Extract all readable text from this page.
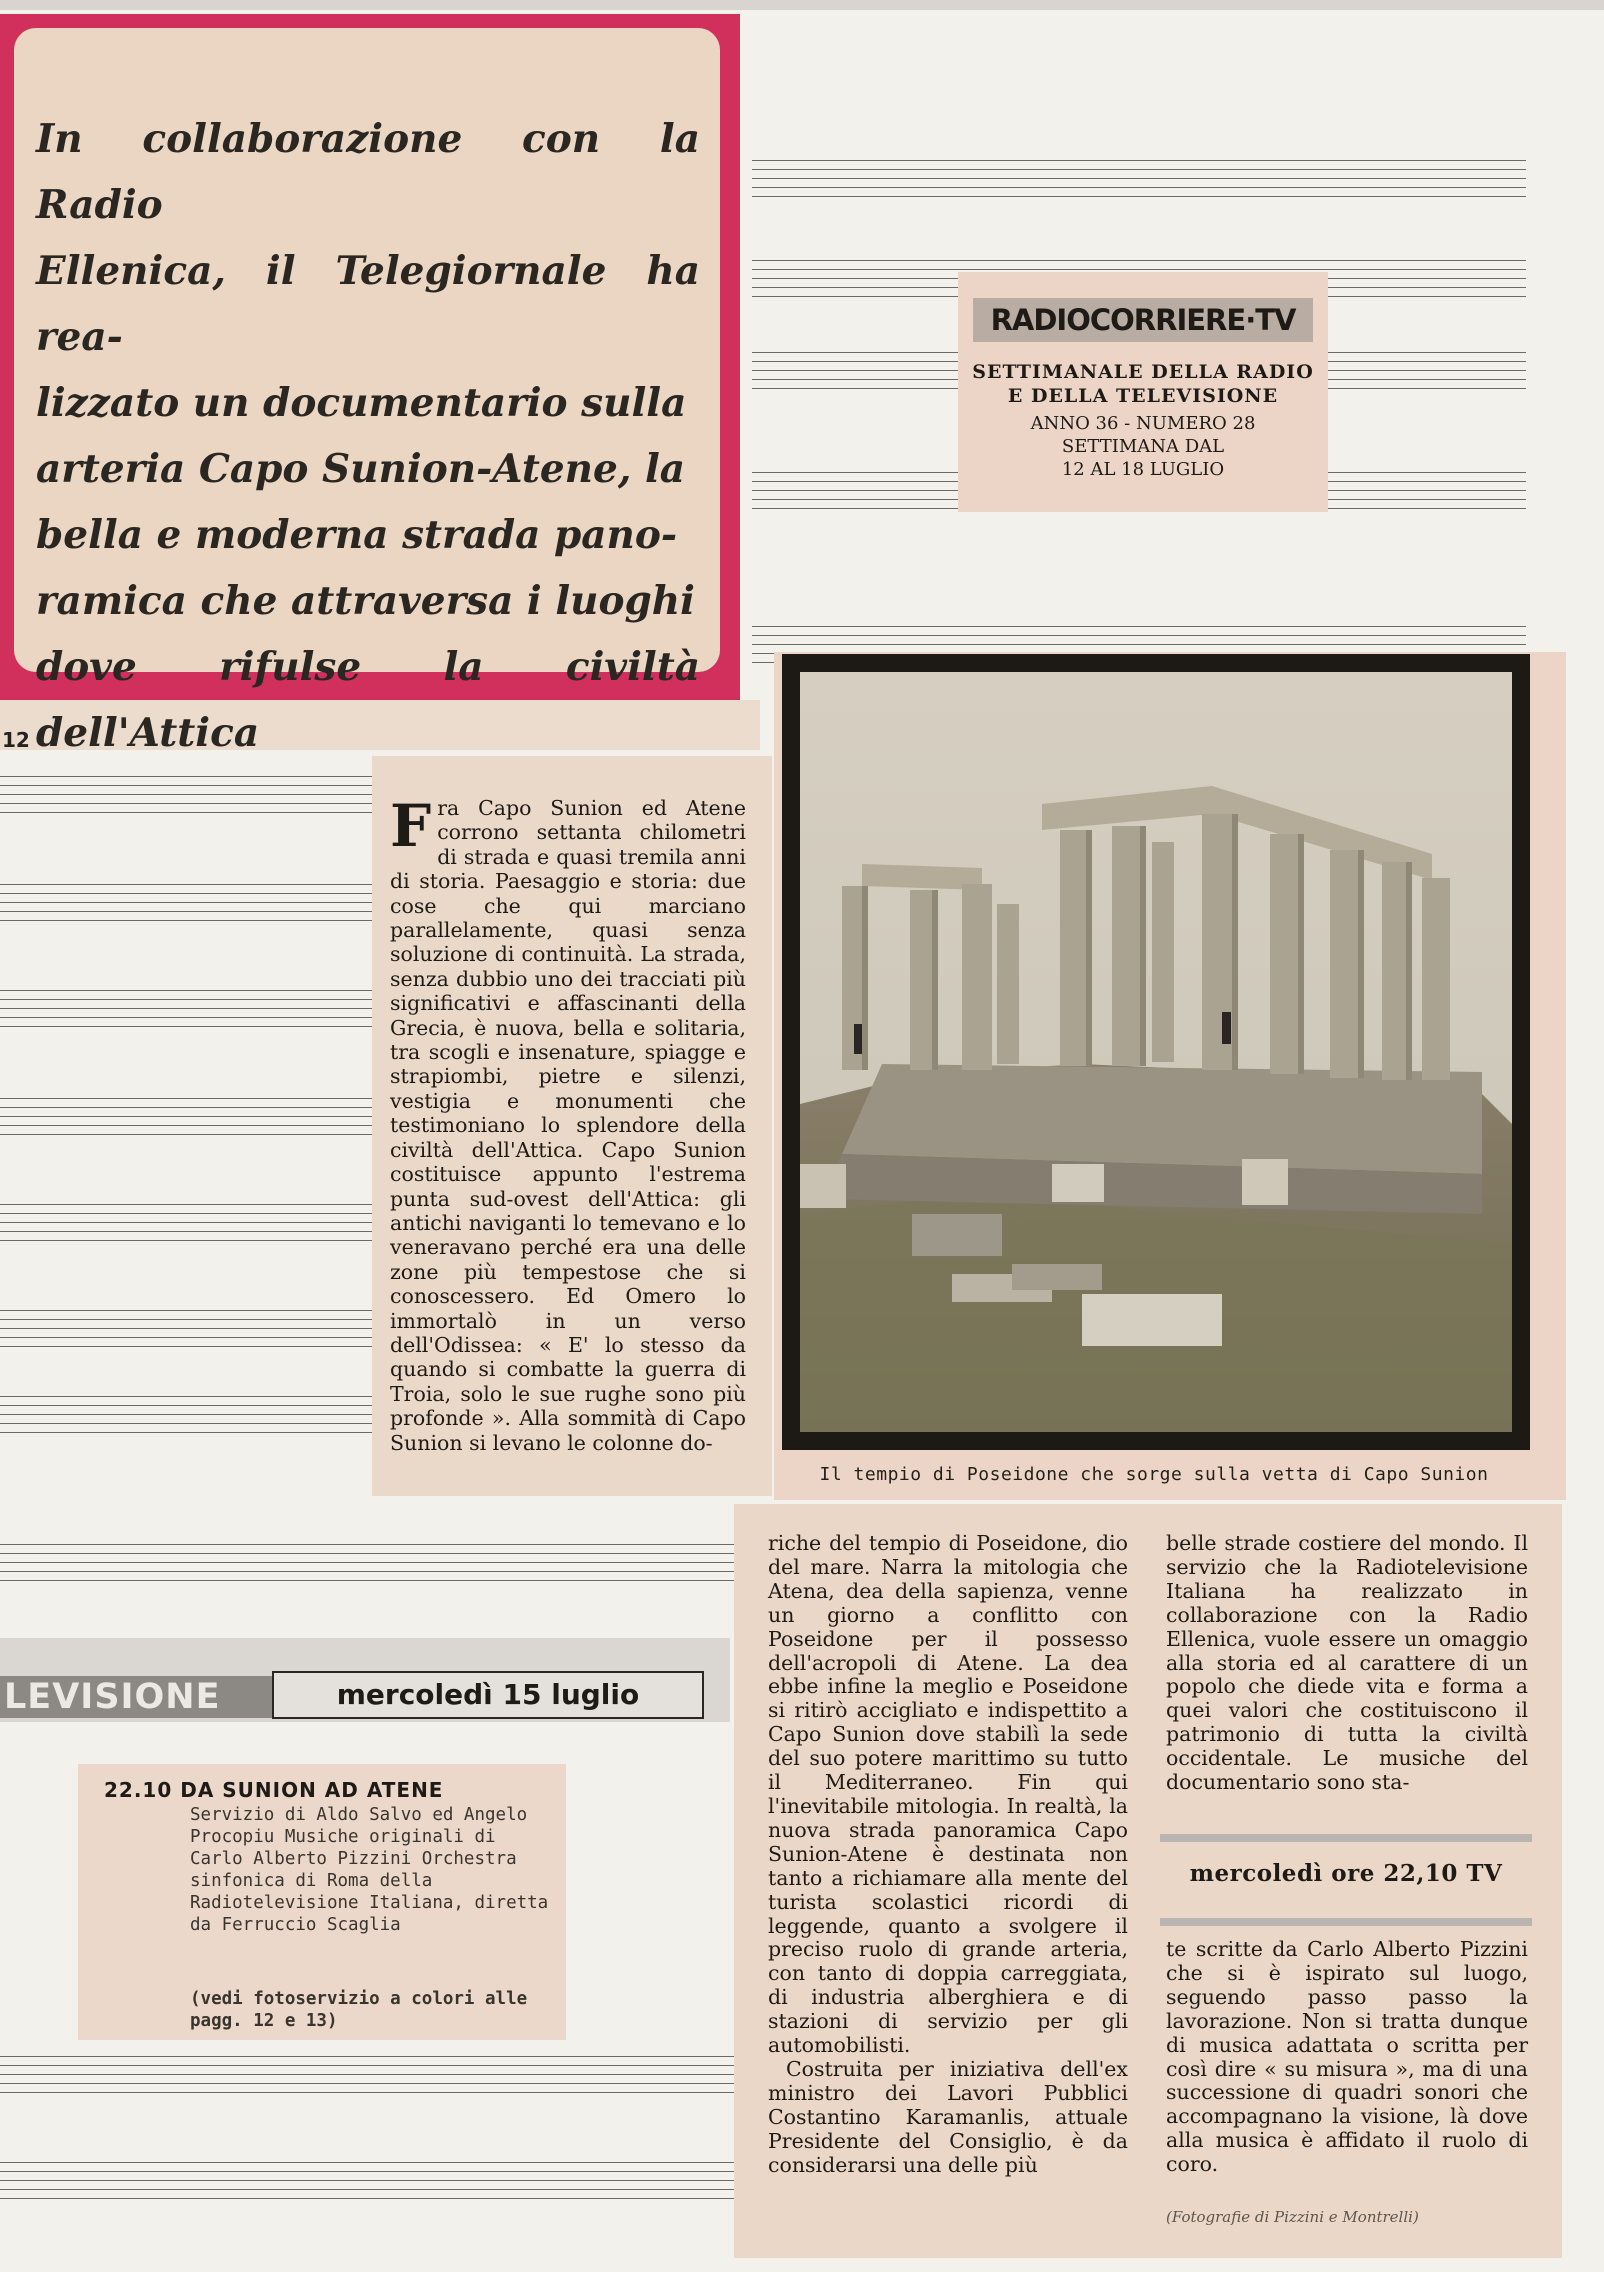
In collaborazione con la Radio
Ellenica, il Telegiornale ha rea-
lizzato un documentario sulla
arteria Capo Sunion-Atene, la
bella e moderna strada pano-
ramica che attraversa i luoghi
dove rifulse la civiltà dell'Attica
12
RADIOCORRIERE·TV
SETTIMANALE DELLA RADIO
E DELLA TELEVISIONE
ANNO 36 - NUMERO 28
SETTIMANA DAL
12 AL 18 LUGLIO
Fra Capo Sunion ed Atene corrono settanta chilometri di strada e quasi tremila anni di storia. Paesaggio e storia: due cose che qui marciano parallelamente, quasi senza soluzione di continuità. La strada, senza dubbio uno dei tracciati più significativi e affascinanti della Grecia, è nuova, bella e solitaria, tra scogli e insenature, spiagge e strapiombi, pietre e silenzi, vestigia e monumenti che testimoniano lo splendore della civiltà dell'Attica. Capo Sunion costituisce appunto l'estrema punta sud-ovest dell'Attica: gli antichi naviganti lo temevano e lo veneravano perché era una delle zone più tempestose che si conoscessero. Ed Omero lo immortalò in un verso dell'Odissea: « E' lo stesso da quando si combatte la guerra di Troia, solo le sue rughe sono più profonde ». Alla sommità di Capo Sunion si levano le colonne do-
Il tempio di Poseidone che sorge sulla vetta di Capo Sunion
LEVISIONE	mercoledì 15 luglio
22.10 DA SUNION AD ATENE
Servizio di Aldo Salvo ed Angelo Procopiu Musiche originali di Carlo Alberto Pizzini Orchestra sinfonica di Roma della Radiotelevisione Italiana, diretta da Ferruccio Scaglia
(vedi fotoservizio a colori alle pagg. 12 e 13)
riche del tempio di Poseidone, dio del mare. Narra la mitologia che Atena, dea della sapienza, venne un giorno a conflitto con Poseidone per il possesso dell'acropoli di Atene. La dea ebbe infine la meglio e Poseidone si ritirò accigliato e indispettito a Capo Sunion dove stabilì la sede del suo potere marittimo su tutto il Mediterraneo. Fin qui l'inevitabile mitologia. In realtà, la nuova strada panoramica Capo Sunion-Atene è destinata non tanto a richiamare alla mente del turista scolastici ricordi di leggende, quanto a svolgere il preciso ruolo di grande arteria, con tanto di doppia carreggiata, di industria alberghiera e di stazioni di servizio per gli automobilisti.
Costruita per iniziativa dell'ex ministro dei Lavori Pubblici Costantino Karamanlis, attuale Presidente del Consiglio, è da considerarsi una delle più
belle strade costiere del mondo. Il servizio che la Radiotelevisione Italiana ha realizzato in collaborazione con la Radio Ellenica, vuole essere un omaggio alla storia ed al carattere di un popolo che diede vita e forma a quei valori che costituiscono il patrimonio di tutta la civiltà occidentale. Le musiche del documentario sono sta-
mercoledì ore 22,10 TV
te scritte da Carlo Alberto Pizzini che si è ispirato sul luogo, seguendo passo passo la lavorazione. Non si tratta dunque di musica adattata o scritta per così dire « su misura », ma di una successione di quadri sonori che accompagnano la visione, là dove alla musica è affidato il ruolo di coro.
(Fotografie di Pizzini e Montrelli)
